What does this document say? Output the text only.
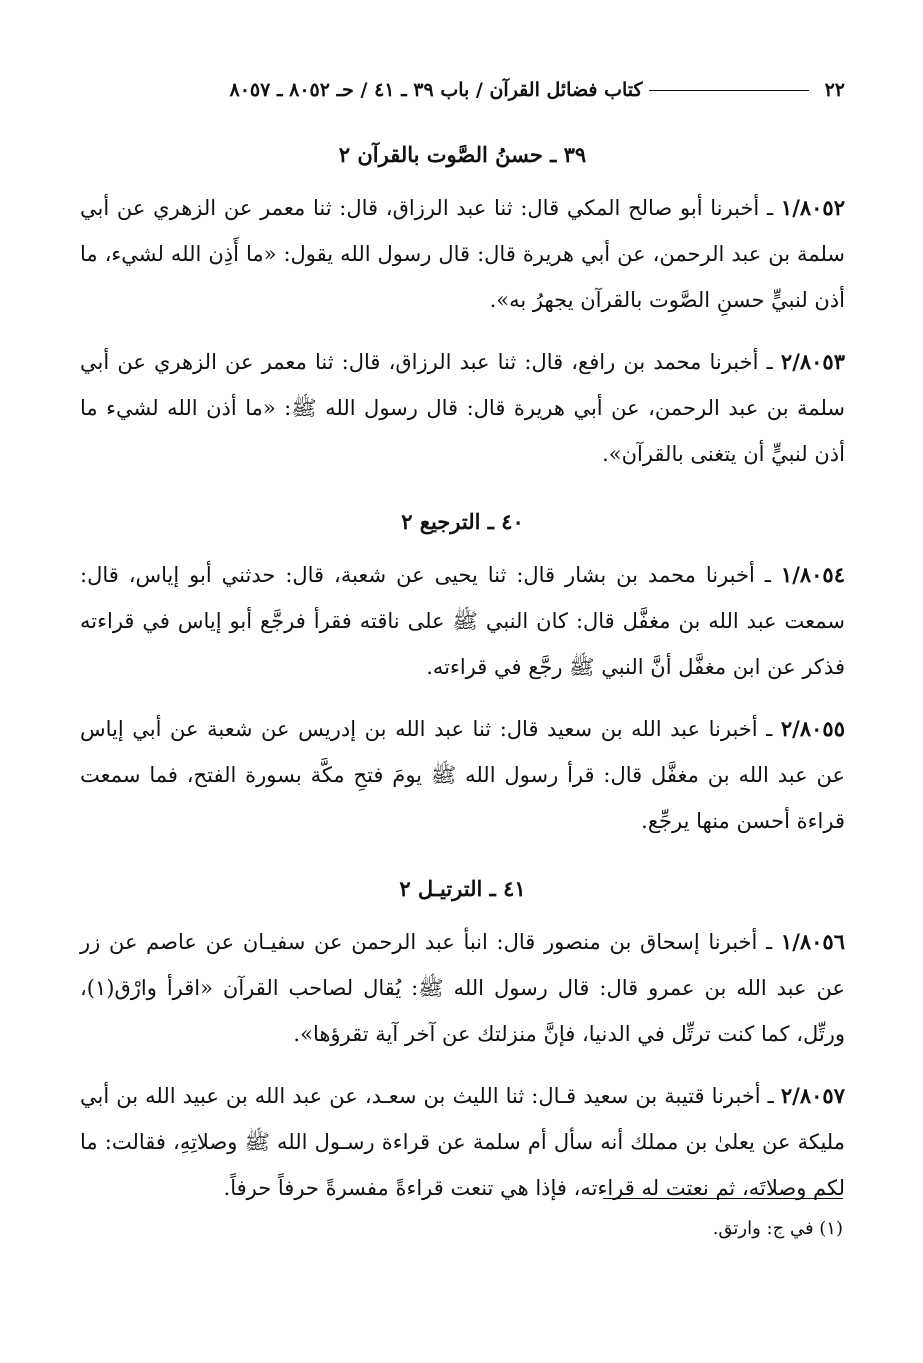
٢٢
كتاب فضائل القرآن / باب ٣٩ ـ ٤١ / حـ ٨٠٥٢ ـ ٨٠٥٧
٣٩ ـ حسنُ الصَّوت بالقرآن ٢

١/٨٠٥٢ ـ أخبرنا أبو صالح المكي قال: ثنا عبد الرزاق، قال: ثنا معمر عن الزهري عن أبي سلمة بن عبد الرحمن، عن أبي هريرة قال: قال رسول الله يقول: «ما أَذِن الله لشيء، ما أذن لنبيٍّ حسنِ الصَّوت بالقرآن يجهرُ به».

٢/٨٠٥٣ ـ أخبرنا محمد بن رافع، قال: ثنا عبد الرزاق، قال: ثنا معمر عن الزهري عن أبي سلمة بن عبد الرحمن، عن أبي هريرة قال: قال رسول الله ﷺ: «ما أذن الله لشيء ما أذن لنبيٍّ أن يتغنى بالقرآن».

٤٠ ـ الترجيع ٢

١/٨٠٥٤ ـ أخبرنا محمد بن بشار قال: ثنا يحيى عن شعبة، قال: حدثني أبو إياس، قال: سمعت عبد الله بن مغفَّل قال: كان النبي ﷺ على ناقته فقرأ فرجَّع أبو إياس في قراءته فذكر عن ابن مغفَّل أنَّ النبي ﷺ رجَّع في قراءته.

٢/٨٠٥٥ ـ أخبرنا عبد الله بن سعيد قال: ثنا عبد الله بن إدريس عن شعبة عن أبي إياس عن عبد الله بن مغفَّل قال: قرأ رسول الله ﷺ يومَ فتحِ مكَّة بسورة الفتح، فما سمعت قراءة أحسن منها يرجِّع.

٤١ ـ الترتيـل ٢

١/٨٠٥٦ ـ أخبرنا إسحاق بن منصور قال: انبأ عبد الرحمن عن سفيـان عن عاصم عن زر عن عبد الله بن عمرو قال: قال رسول الله ﷺ: يُقال لصاحب القرآن «اقرأ وارْق(١)، ورتِّل، كما كنت ترتِّل في الدنيا، فإنَّ منزلتك عن آخر آية تقرؤها».

٢/٨٠٥٧ ـ أخبرنا قتيبة بن سعيد قـال: ثنا الليث بن سعـد، عن عبد الله بن عبيد الله بن أبي مليكة عن يعلىٰ بن مملك أنه سأل أم سلمة عن قراءة رسـول الله ﷺ وصلاتِهِ، فقالت: ما لكم وصلاتَه، ثم نعتت له قراءته، فإذا هي تنعت قراءةً مفسرةً حرفاً حرفاً.

(١) في ج: وارتق.
